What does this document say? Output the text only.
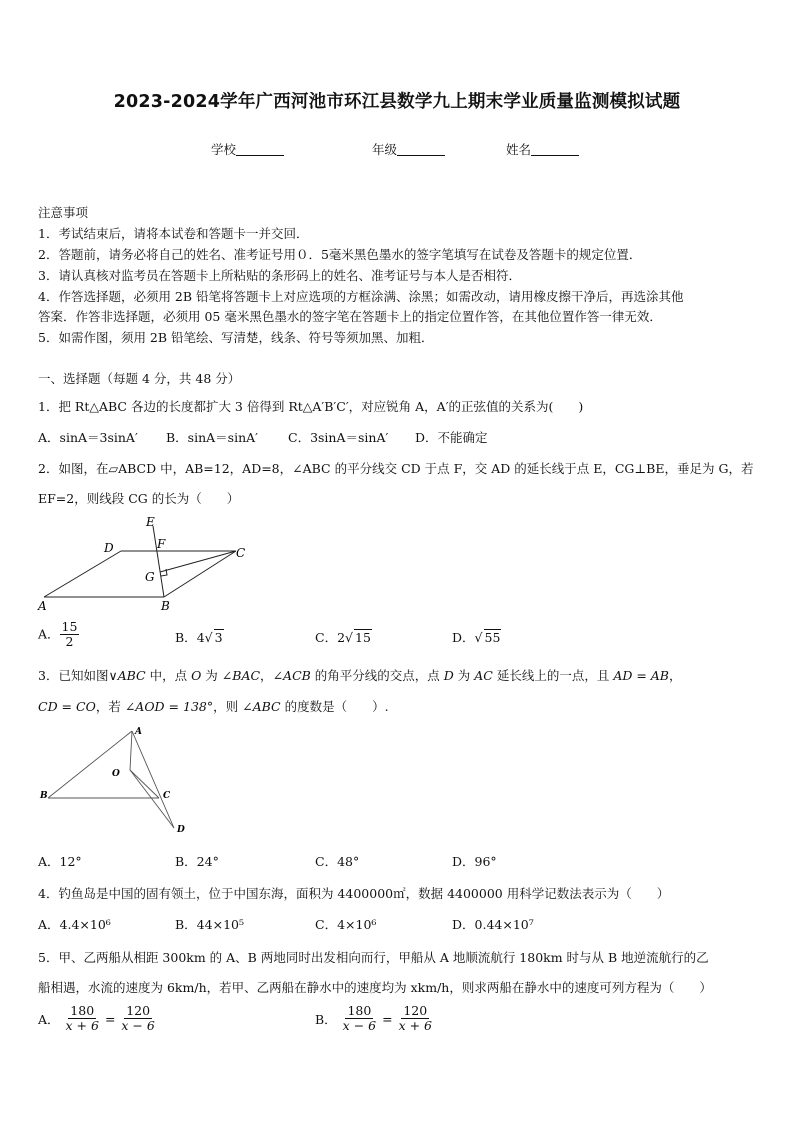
2023-2024学年广西河池市环江县数学九上期末学业质量监测模拟试题
学校	年级	姓名
注意事项
1．考试结束后，请将本试卷和答题卡一并交回．
2．答题前，请务必将自己的姓名、准考证号用０．5毫米黑色墨水的签字笔填写在试卷及答题卡的规定位置．
3．请认真核对监考员在答题卡上所粘贴的条形码上的姓名、准考证号与本人是否相符．
4．作答选择题，必须用 2B 铅笔将答题卡上对应选项的方框涂满、涂黑；如需改动，请用橡皮擦干净后，再选涂其他
答案．作答非选择题，必须用 05 毫米黑色墨水的签字笔在答题卡上的指定位置作答，在其他位置作答一律无效．
5．如需作图，须用 2B 铅笔绘、写清楚，线条、符号等须加黑、加粗．
一、选择题（每题 4 分，共 48 分）
1．把 Rt△ABC 各边的长度都扩大 3 倍得到 Rt△A′B′C′，对应锐角 A，A′的正弦值的关系为(　　)
A．sinA＝3sinA′ B．sinA＝sinA′ C．3sinA＝sinA′ D．不能确定
2．如图，在▱ABCD 中，AB=12，AD=8，∠ABC 的平分线交 CD 于点 F，交 AD 的延长线于点 E，CG⊥BE，垂足为 G，若
EF=2，则线段 CG 的长为（　　）
E
D	F
C
G
A	B
A． $\frac{15}{2}$	B．4√ 3	C．2√ 15	D．√ 55
3．已知如图∨ABC 中，点 O 为 ∠BAC，∠ACB 的角平分线的交点，点 D 为 AC 延长线上的一点，且 AD = AB，
CD = CO，若 ∠AOD = 138°，则 ∠ABC 的度数是（　　）.
A
O
B	C
D
A．12°	B．24°	C．48°	D．96°
4．钓鱼岛是中国的固有领土，位于中国东海，面积为 4400000㎡，数据 4400000 用科学记数法表示为（　　）
A．4.4×10⁶	B．44×10⁵	C．4×10⁶	D．0.44×10⁷
5．甲、乙两船从相距 300km 的 A、B 两地同时出发相向而行，甲船从 A 地顺流航行 180km 时与从 B 地逆流航行的乙
船相遇，水流的速度为 6km/h，若甲、乙两船在静水中的速度均为 xkm/h，则求两船在静水中的速度可列方程为（　　）
A． $\frac{180}{x + 6} = \frac{120}{x - 6}$	B． $\frac{180}{x - 6} = \frac{120}{x + 6}$
